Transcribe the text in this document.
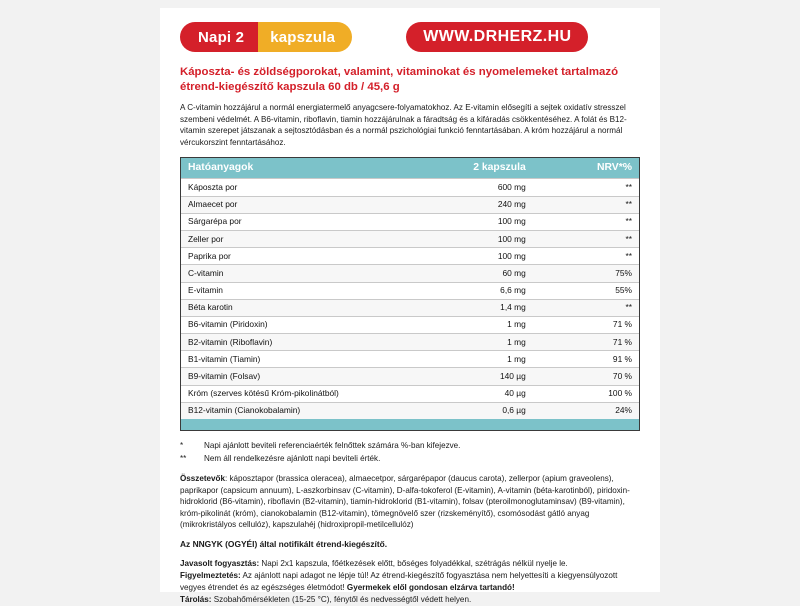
Napi 2	kapszula	WWW.DRHERZ.HU
Káposzta- és zöldségporokat, valamint, vitaminokat és nyomelemeket tartalmazó étrend-kiegészítő kapszula 60 db / 45,6 g
A C-vitamin hozzájárul a normál energiatermelő anyagcsere-folyamatokhoz. Az E-vitamin elősegíti a sejtek oxidatív stresszel szembeni védelmét. A B6-vitamin, riboflavin, tiamin hozzájárulnak a fáradtság és a kifáradás csökkentéséhez. A folát és B12-vitamin szerepet játszanak a sejtosztódásban és a normál pszichológiai funkció fenntartásában. A króm hozzájárul a normál vércukorszint fenntartásához.
Hatóanyagok	2 kapszula	NRV*%
Káposzta por	600 mg	**
Almaecet por	240 mg	**
Sárgarépa por	100 mg	**
Zeller por	100 mg	**
Paprika por	100 mg	**
C-vitamin	60 mg	75%
E-vitamin	6,6 mg	55%
Béta karotin	1,4 mg	**
B6-vitamin (Piridoxin)	1 mg	71 %
B2-vitamin (Riboflavin)	1 mg	71 %
B1-vitamin (Tiamin)	1 mg	91 %
B9-vitamin (Folsav)	140 µg	70 %
Króm (szerves kötésű Króm-pikolinátból)	40 µg	100 %
B12-vitamin (Cianokobalamin)	0,6 µg	24%
*	Napi ajánlott beviteli referenciaérték felnőttek számára %-ban kifejezve.
**	Nem áll rendelkezésre ajánlott napi beviteli érték.
Összetevők: káposztapor (brassica oleracea), almaecetpor, sárgarépapor (daucus carota), zellerpor (apium graveolens), paprikapor (capsicum annuum), L-aszkorbinsav (C-vitamin), D-alfa-tokoferol (E-vitamin), A-vitamin (béta-karotinból), piridoxin-hidroklorid (B6-vitamin), riboflavin (B2-vitamin), tiamin-hidroklorid (B1-vitamin), folsav (pteroilmonoglutaminsav) (B9-vitamin), króm-pikolinát (króm), cianokobalamin (B12-vitamin), tömegnövelő szer (rizskeményítő), csomósodást gátló anyag (mikrokristályos cellulóz), kapszulahéj (hidroxipropil-metilcellulóz)
Az NNGYK (OGYÉI) által notifikált étrend-kiegészítő.
Javasolt fogyasztás: Napi 2x1 kapszula, főétkezések előtt, bőséges folyadékkal, szétrágás nélkül nyelje le.
Figyelmeztetés: Az ajánlott napi adagot ne lépje túl! Az étrend-kiegészítő fogyasztása nem helyettesíti a kiegyensúlyozott vegyes étrendet és az egészséges életmódot! Gyermekek elől gondosan elzárva tartandó!
Tárolás: Szobahőmérsékleten (15-25 °C), fénytől és nedvességtől védett helyen.
